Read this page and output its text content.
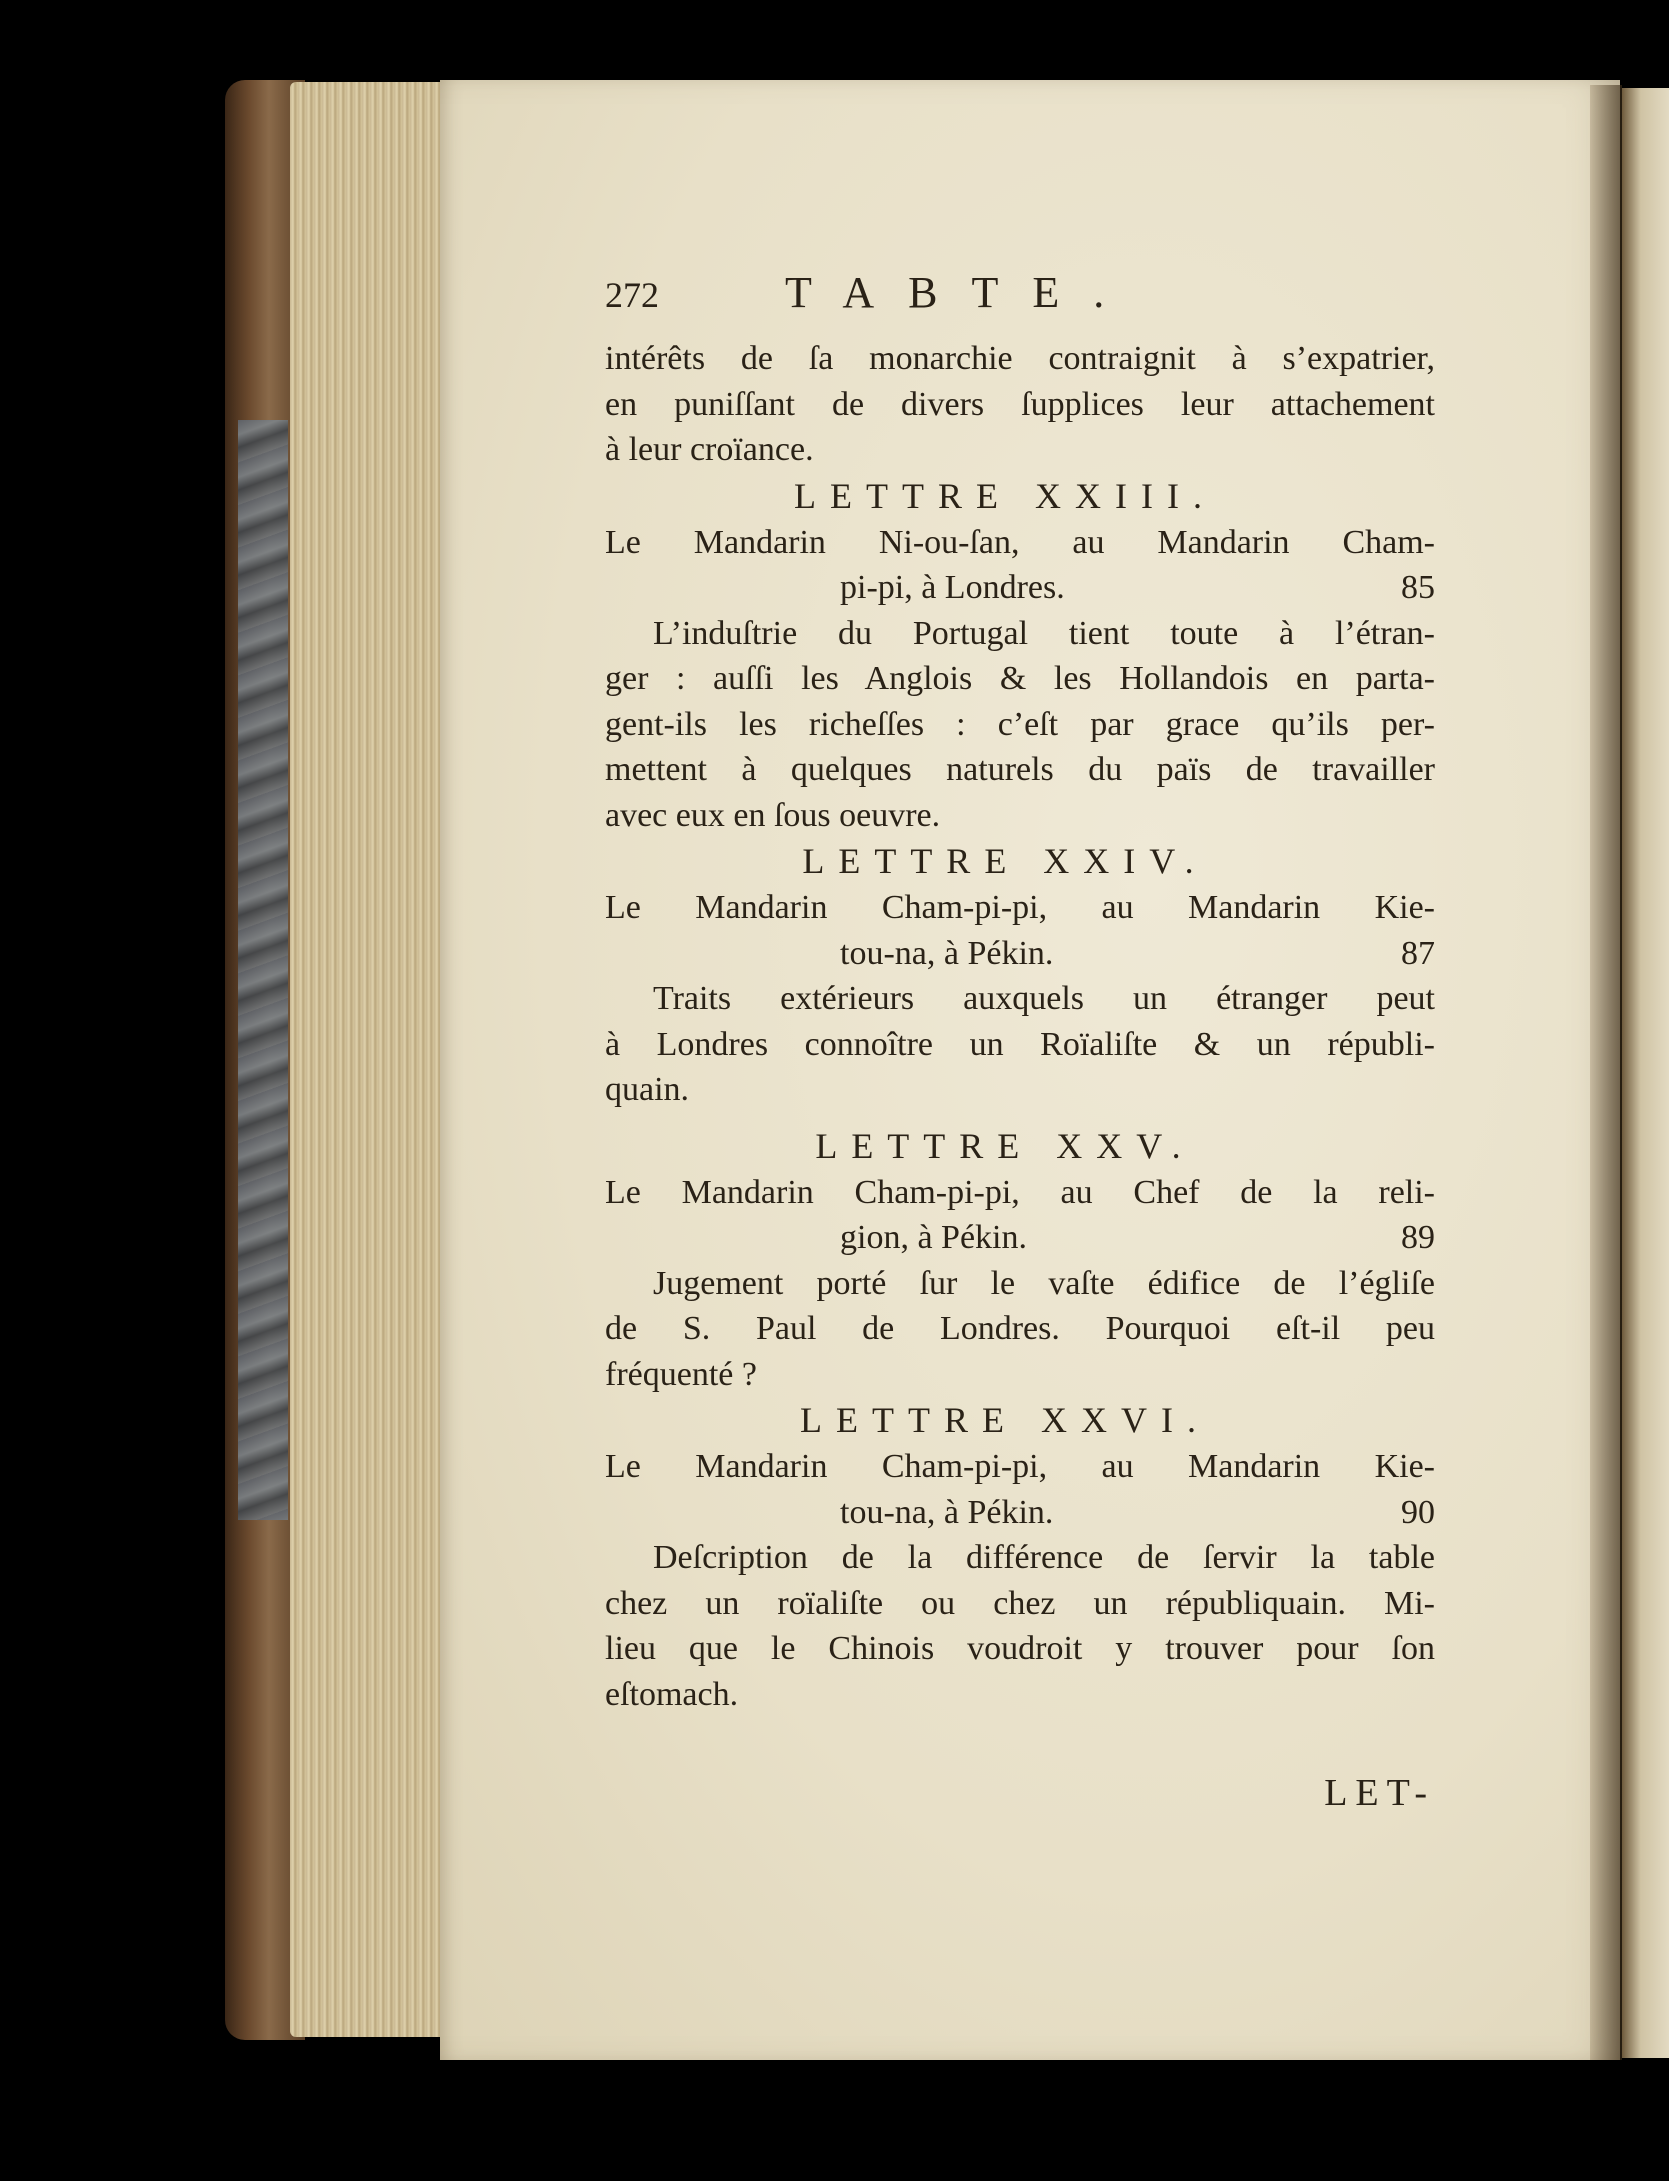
272	TABTE.
intérêts de ſa monarchie contraignit à s’expatrier,
en puniſſant de divers ſupplices leur attachement
à leur croïance.
LETTRE XXIII.
Le Mandarin Ni-ou-ſan, au Mandarin Cham-
pi-pi, à Londres.	85
L’induſtrie du Portugal tient toute à l’étran-
ger : auſſi les Anglois & les Hollandois en parta-
gent-ils les richeſſes : c’eſt par grace qu’ils per-
mettent à quelques naturels du païs de travailler
avec eux en ſous oeuvre.
LETTRE XXIV.
Le Mandarin Cham-pi-pi, au Mandarin Kie-
tou-na, à Pékin.	87
Traits extérieurs auxquels un étranger peut
à Londres connoître un Roïaliſte & un républi-
quain.
LETTRE XXV.
Le Mandarin Cham-pi-pi, au Chef de la reli-
gion, à Pékin.	89
Jugement porté ſur le vaſte édifice de l’égliſe
de S. Paul de Londres. Pourquoi eſt-il peu
fréquenté ?
LETTRE XXVI.
Le Mandarin Cham-pi-pi, au Mandarin Kie-
tou-na, à Pékin.	90
Deſcription de la différence de ſervir la table
chez un roïaliſte ou chez un républiquain. Mi-
lieu que le Chinois voudroit y trouver pour ſon
eſtomach.
LET-
